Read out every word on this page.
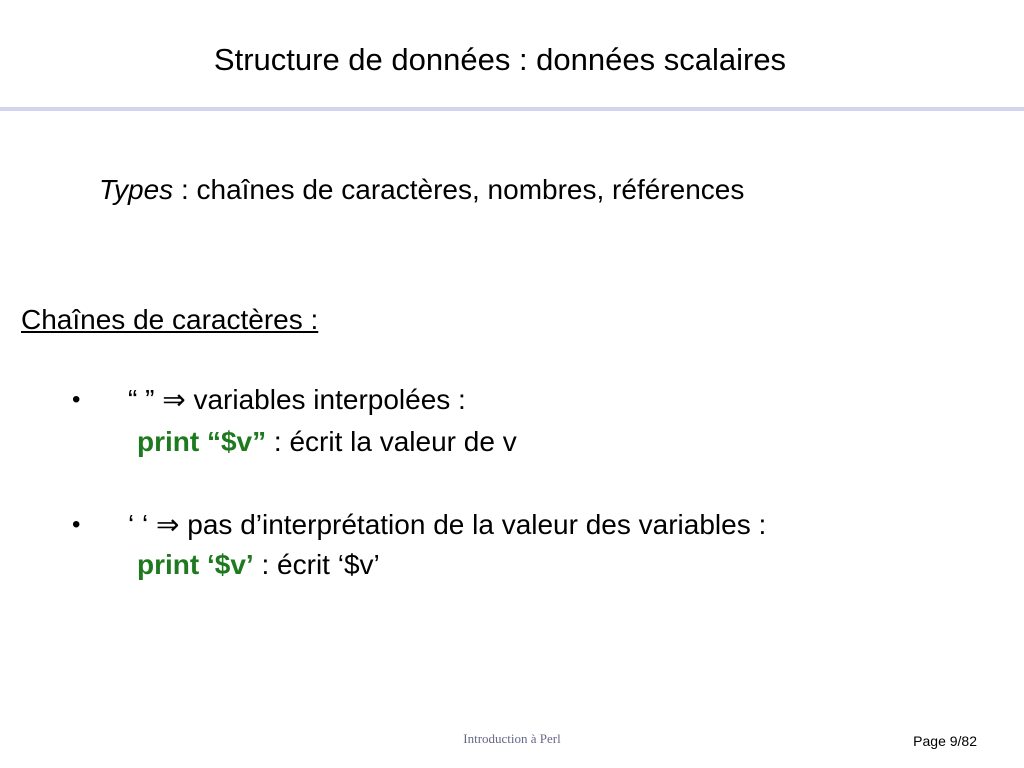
Structure de données : données scalaires
Types : chaînes de caractères, nombres, références
Chaînes de caractères :
• “ ” ⇒ variables interpolées :
print “$v” : écrit la valeur de v
• ‘ ‘ ⇒ pas d’interprétation de la valeur des variables :
print ‘$v’ : écrit ‘$v’
Introduction à Perl	Page 9/82
